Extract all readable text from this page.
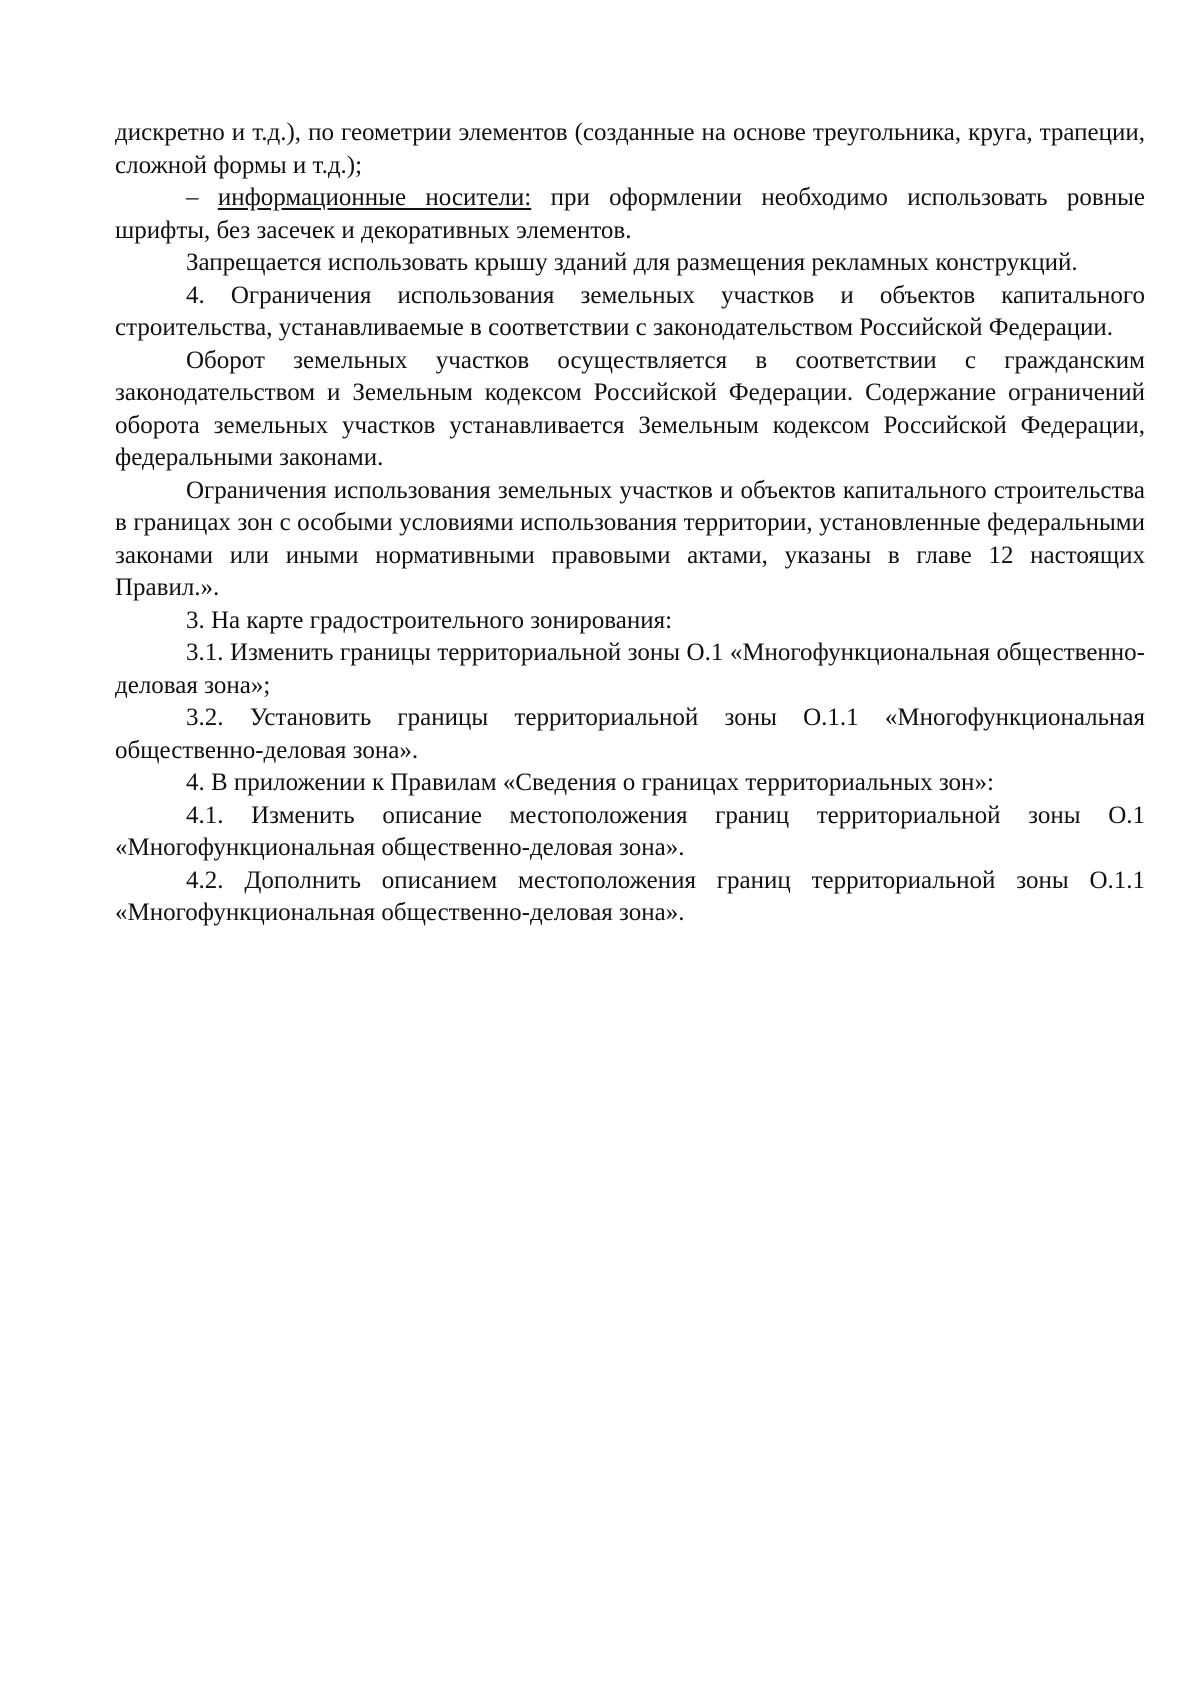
дискретно и т.д.), по геометрии элементов (созданные на основе треугольника, круга, трапеции, сложной формы и т.д.);

– информационные носители: при оформлении необходимо использовать ровные шрифты, без засечек и декоративных элементов.

Запрещается использовать крышу зданий для размещения рекламных конструкций.

4. Ограничения использования земельных участков и объектов капитального строительства, устанавливаемые в соответствии с законодательством Российской Федерации.

Оборот земельных участков осуществляется в соответствии с гражданским законодательством и Земельным кодексом Российской Федерации. Содержание ограничений оборота земельных участков устанавливается Земельным кодексом Российской Федерации, федеральными законами.

Ограничения использования земельных участков и объектов капитального строительства в границах зон с особыми условиями использования территории, установленные федеральными законами или иными нормативными правовыми актами, указаны в главе 12 настоящих Правил.».

3. На карте градостроительного зонирования:

3.1. Изменить границы территориальной зоны О.1 «Многофункциональная общественно-деловая зона»;

3.2. Установить границы территориальной зоны О.1.1 «Многофункциональная общественно-деловая зона».

4. В приложении к Правилам «Сведения о границах территориальных зон»:

4.1. Изменить описание местоположения границ территориальной зоны О.1 «Многофункциональная общественно-деловая зона».

4.2. Дополнить описанием местоположения границ территориальной зоны О.1.1 «Многофункциональная общественно-деловая зона».
